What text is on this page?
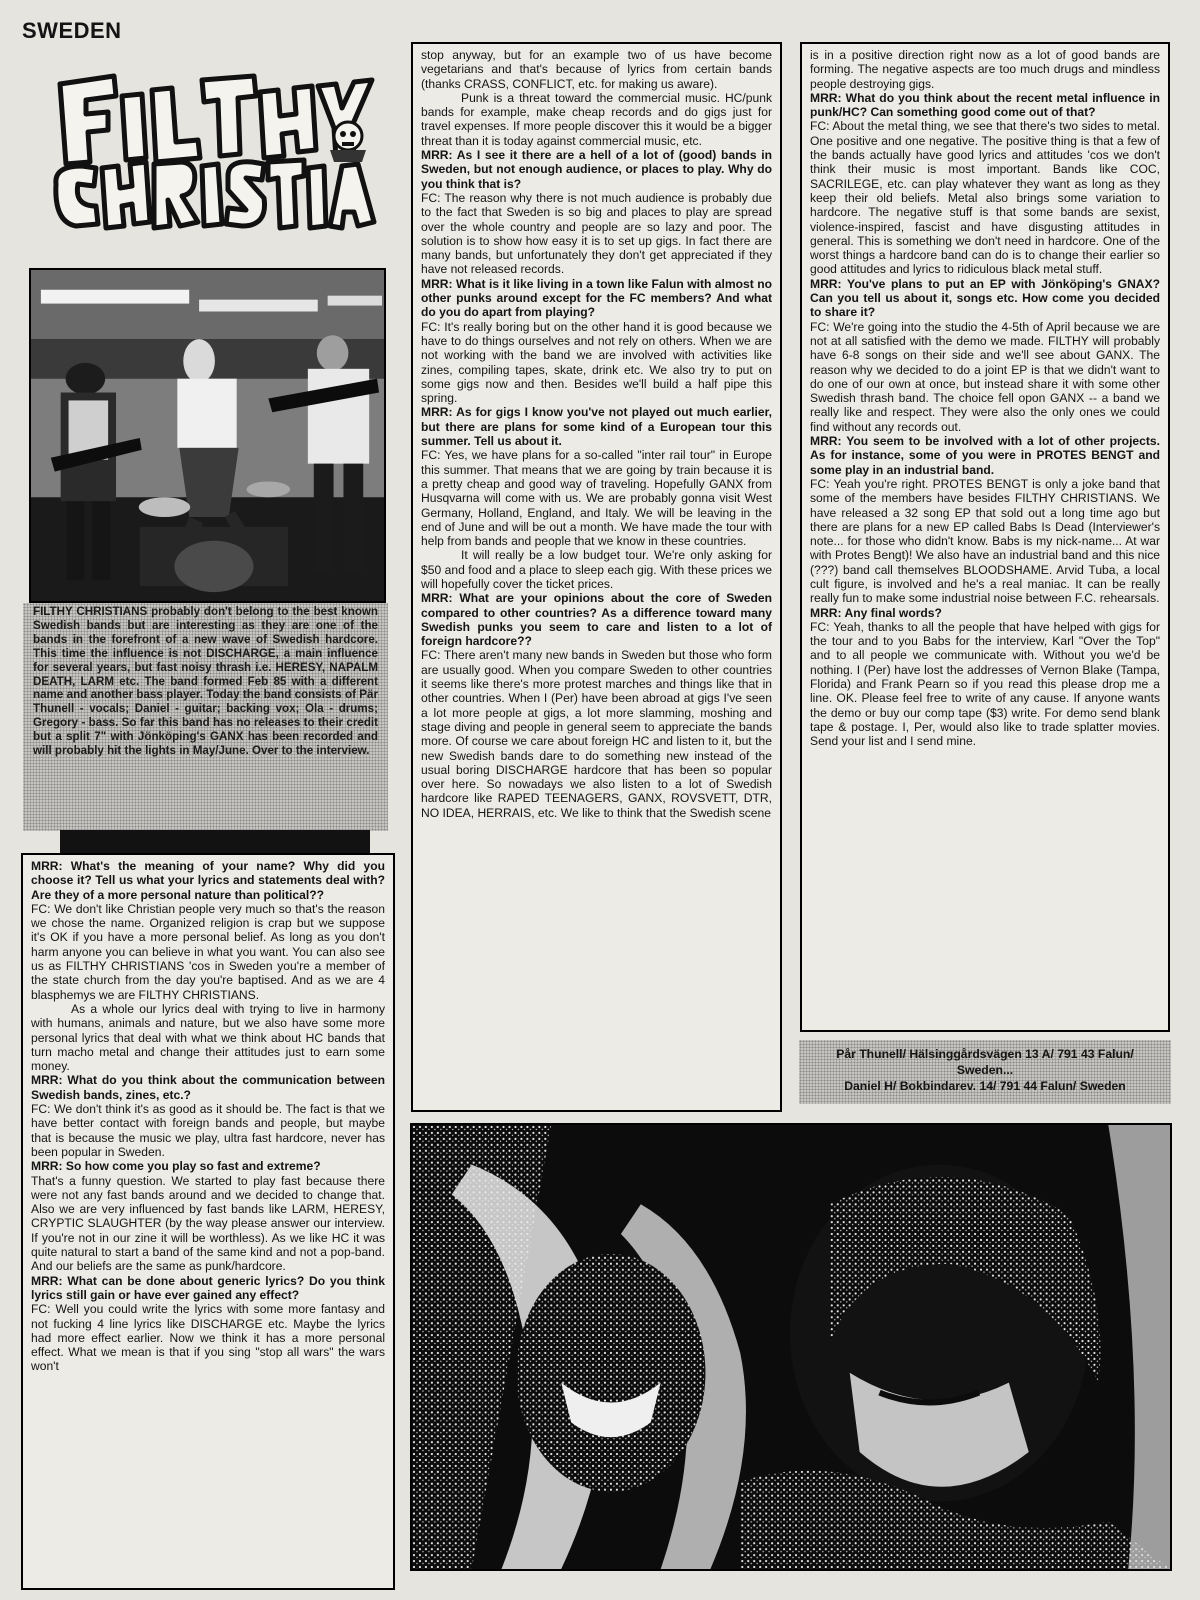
SWEDEN
FILTHY CHRISTIANS probably don't belong to the best known Swedish bands but are interesting as they are one of the bands in the forefront of a new wave of Swedish hardcore. This time the influence is not DISCHARGE, a main influence for several years, but fast noisy thrash i.e. HERESY, NAPALM DEATH, LARM etc. The band formed Feb 85 with a different name and another bass player. Today the band consists of Pär Thunell - vocals; Daniel - guitar; backing vox; Ola - drums; Gregory - bass. So far this band has no releases to their credit but a split 7" with Jönköping's GANX has been recorded and will probably hit the lights in May/June. Over to the interview.

MRR: What's the meaning of your name? Why did you choose it? Tell us what your lyrics and statements deal with? Are they of a more personal nature than political??

FC: We don't like Christian people very much so that's the reason we chose the name. Organized religion is crap but we suppose it's OK if you have a more personal belief. As long as you don't harm anyone you can believe in what you want. You can also see us as FILTHY CHRISTIANS 'cos in Sweden you're a member of the state church from the day you're baptised. And as we are 4 blasphemys we are FILTHY CHRISTIANS.

As a whole our lyrics deal with trying to live in harmony with humans, animals and nature, but we also have some more personal lyrics that deal with what we think about HC bands that turn macho metal and change their attitudes just to earn some money.

MRR: What do you think about the communication between Swedish bands, zines, etc.?

FC: We don't think it's as good as it should be. The fact is that we have better contact with foreign bands and people, but maybe that is because the music we play, ultra fast hardcore, never has been popular in Sweden.

MRR: So how come you play so fast and extreme?

That's a funny question. We started to play fast because there were not any fast bands around and we decided to change that. Also we are very influenced by fast bands like LARM, HERESY, CRYPTIC SLAUGHTER (by the way please answer our interview. If you're not in our zine it will be worthless). As we like HC it was quite natural to start a band of the same kind and not a pop-band. And our beliefs are the same as punk/hardcore.

MRR: What can be done about generic lyrics? Do you think lyrics still gain or have ever gained any effect?

FC: Well you could write the lyrics with some more fantasy and not fucking 4 line lyrics like DISCHARGE etc. Maybe the lyrics had more effect earlier. Now we think it has a more personal effect. What we mean is that if you sing "stop all wars" the wars won't

stop anyway, but for an example two of us have become vegetarians and that's because of lyrics from certain bands (thanks CRASS, CONFLICT, etc. for making us aware).

Punk is a threat toward the commercial music. HC/punk bands for example, make cheap records and do gigs just for travel expenses. If more people discover this it would be a bigger threat than it is today against commercial music, etc.

MRR: As I see it there are a hell of a lot of (good) bands in Sweden, but not enough audience, or places to play. Why do you think that is?

FC: The reason why there is not much audience is probably due to the fact that Sweden is so big and places to play are spread over the whole country and people are so lazy and poor. The solution is to show how easy it is to set up gigs. In fact there are many bands, but unfortunately they don't get appreciated if they have not released records.

MRR: What is it like living in a town like Falun with almost no other punks around except for the FC members? And what do you do apart from playing?

FC: It's really boring but on the other hand it is good because we have to do things ourselves and not rely on others. When we are not working with the band we are involved with activities like zines, compiling tapes, skate, drink etc. We also try to put on some gigs now and then. Besides we'll build a half pipe this spring.

MRR: As for gigs I know you've not played out much earlier, but there are plans for some kind of a European tour this summer. Tell us about it.

FC: Yes, we have plans for a so-called "inter rail tour" in Europe this summer. That means that we are going by train because it is a pretty cheap and good way of traveling. Hopefully GANX from Husqvarna will come with us. We are probably gonna visit West Germany, Holland, England, and Italy. We will be leaving in the end of June and will be out a month. We have made the tour with help from bands and people that we know in these countries.

It will really be a low budget tour. We're only asking for $50 and food and a place to sleep each gig. With these prices we will hopefully cover the ticket prices.

MRR: What are your opinions about the core of Sweden compared to other countries? As a difference toward many Swedish punks you seem to care and listen to a lot of foreign hardcore??

FC: There aren't many new bands in Sweden but those who form are usually good. When you compare Sweden to other countries it seems like there's more protest marches and things like that in other countries. When I (Per) have been abroad at gigs I've seen a lot more people at gigs, a lot more slamming, moshing and stage diving and people in general seem to appreciate the bands more. Of course we care about foreign HC and listen to it, but the new Swedish bands dare to do something new instead of the usual boring DISCHARGE hardcore that has been so popular over here. So nowadays we also listen to a lot of Swedish hardcore like RAPED TEENAGERS, GANX, ROVSVETT, DTR, NO IDEA, HERRAIS, etc. We like to think that the Swedish scene

is in a positive direction right now as a lot of good bands are forming. The negative aspects are too much drugs and mindless people destroying gigs.

MRR: What do you think about the recent metal influence in punk/HC? Can something good come out of that?

FC: About the metal thing, we see that there's two sides to metal. One positive and one negative. The positive thing is that a few of the bands actually have good lyrics and attitudes 'cos we don't think their music is most important. Bands like COC, SACRILEGE, etc. can play whatever they want as long as they keep their old beliefs. Metal also brings some variation to hardcore. The negative stuff is that some bands are sexist, violence-inspired, fascist and have disgusting attitudes in general. This is something we don't need in hardcore. One of the worst things a hardcore band can do is to change their earlier so good attitudes and lyrics to ridiculous black metal stuff.

MRR: You've plans to put an EP with Jönköping's GNAX? Can you tell us about it, songs etc. How come you decided to share it?

FC: We're going into the studio the 4-5th of April because we are not at all satisfied with the demo we made. FILTHY will probably have 6-8 songs on their side and we'll see about GANX. The reason why we decided to do a joint EP is that we didn't want to do one of our own at once, but instead share it with some other Swedish thrash band. The choice fell opon GANX -- a band we really like and respect. They were also the only ones we could find without any records out.

MRR: You seem to be involved with a lot of other projects. As for instance, some of you were in PROTES BENGT and some play in an industrial band.

FC: Yeah you're right. PROTES BENGT is only a joke band that some of the members have besides FILTHY CHRISTIANS. We have released a 32 song EP that sold out a long time ago but there are plans for a new EP called Babs Is Dead (Interviewer's note... for those who didn't know. Babs is my nick-name... At war with Protes Bengt)! We also have an industrial band and this nice (???) band call themselves BLOODSHAME. Arvid Tuba, a local cult figure, is involved and he's a real maniac. It can be really really fun to make some industrial noise between F.C. rehearsals.

MRR: Any final words?

FC: Yeah, thanks to all the people that have helped with gigs for the tour and to you Babs for the interview, Karl "Over the Top" and to all people we communicate with. Without you we'd be nothing. I (Per) have lost the addresses of Vernon Blake (Tampa, Florida) and Frank Pearn so if you read this please drop me a line. OK. Please feel free to write of any cause. If anyone wants the demo or buy our comp tape ($3) write. For demo send blank tape & postage. I, Per, would also like to trade splatter movies. Send your list and I send mine.

Pår Thunell/ Hälsinggårdsvägen 13 A/ 791 43 Falun/ Sweden...
Daniel H/ Bokbindarev. 14/ 791 44 Falun/ Sweden
